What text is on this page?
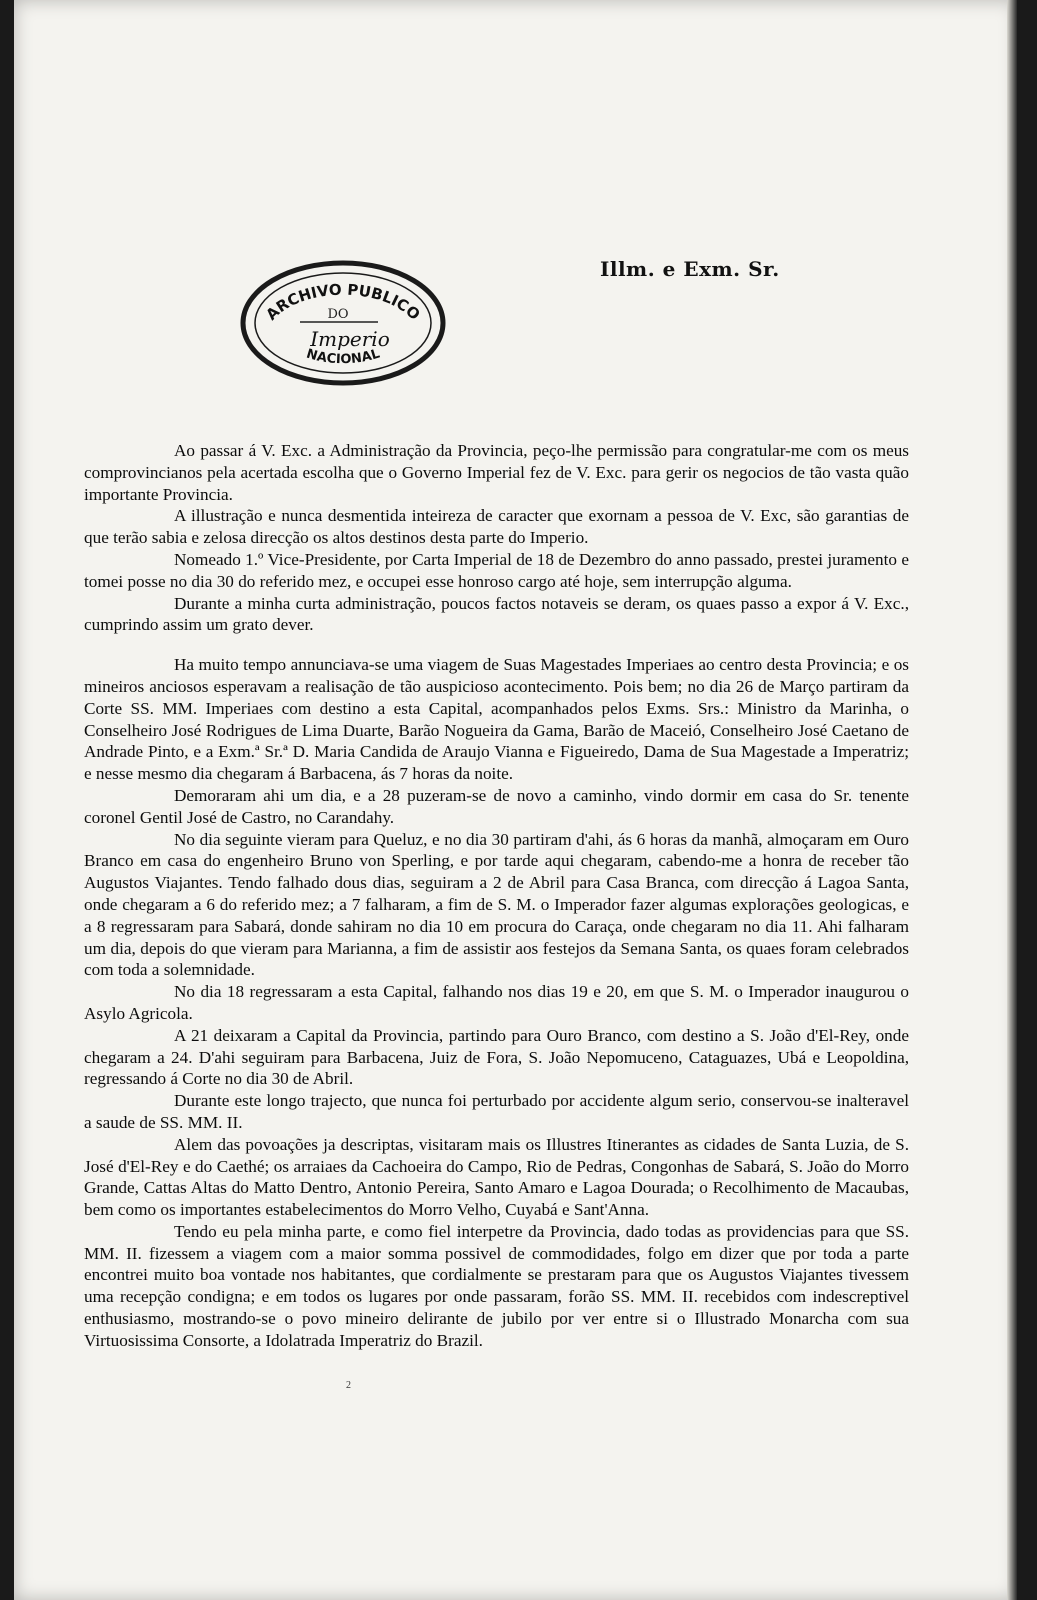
Illm. e Exm. Sr.
ARCHIVO PUBLICO
DO
Imperio
NACIONAL

Ao passar á V. Exc. a Administração da Provincia, peço-lhe permissão para congratular-me com os meus comprovincianos pela acertada escolha que o Governo Imperial fez de V. Exc. para gerir os negocios de tão vasta quão importante Provincia.

A illustração e nunca desmentida inteireza de caracter que exornam a pessoa de V. Exc, são garantias de que terão sabia e zelosa direcção os altos destinos desta parte do Imperio.

Nomeado 1.º Vice-Presidente, por Carta Imperial de 18 de Dezembro do anno passado, prestei juramento e tomei posse no dia 30 do referido mez, e occupei esse honroso cargo até hoje, sem interrupção alguma.

Durante a minha curta administração, poucos factos notaveis se deram, os quaes passo a expor á V. Exc., cumprindo assim um grato dever.

Ha muito tempo annunciava-se uma viagem de Suas Magestades Imperiaes ao centro desta Provincia; e os mineiros anciosos esperavam a realisação de tão auspicioso acontecimento. Pois bem; no dia 26 de Março partiram da Corte SS. MM. Imperiaes com destino a esta Capital, acompanhados pelos Exms. Srs.: Ministro da Marinha, o Conselheiro José Rodrigues de Lima Duarte, Barão Nogueira da Gama, Barão de Maceió, Conselheiro José Caetano de Andrade Pinto, e a Exm.ª Sr.ª D. Maria Candida de Araujo Vianna e Figueiredo, Dama de Sua Magestade a Imperatriz; e nesse mesmo dia chegaram á Barbacena, ás 7 horas da noite.

Demoraram ahi um dia, e a 28 puzeram-se de novo a caminho, vindo dormir em casa do Sr. tenente coronel Gentil José de Castro, no Carandahy.

No dia seguinte vieram para Queluz, e no dia 30 partiram d'ahi, ás 6 horas da manhã, almoçaram em Ouro Branco em casa do engenheiro Bruno von Sperling, e por tarde aqui chegaram, cabendo-me a honra de receber tão Augustos Viajantes. Tendo falhado dous dias, seguiram a 2 de Abril para Casa Branca, com direcção á Lagoa Santa, onde chegaram a 6 do referido mez; a 7 falharam, a fim de S. M. o Imperador fazer algumas explorações geologicas, e a 8 regressaram para Sabará, donde sahiram no dia 10 em procura do Caraça, onde chegaram no dia 11. Ahi falharam um dia, depois do que vieram para Marianna, a fim de assistir aos festejos da Semana Santa, os quaes foram celebrados com toda a solemnidade.

No dia 18 regressaram a esta Capital, falhando nos dias 19 e 20, em que S. M. o Imperador inaugurou o Asylo Agricola.

A 21 deixaram a Capital da Provincia, partindo para Ouro Branco, com destino a S. João d'El-Rey, onde chegaram a 24. D'ahi seguiram para Barbacena, Juiz de Fora, S. João Nepomuceno, Cataguazes, Ubá e Leopoldina, regressando á Corte no dia 30 de Abril.

Durante este longo trajecto, que nunca foi perturbado por accidente algum serio, conservou-se inalteravel a saude de SS. MM. II.

Alem das povoações ja descriptas, visitaram mais os Illustres Itinerantes as cidades de Santa Luzia, de S. José d'El-Rey e do Caethé; os arraiaes da Cachoeira do Campo, Rio de Pedras, Congonhas de Sabará, S. João do Morro Grande, Cattas Altas do Matto Dentro, Antonio Pereira, Santo Amaro e Lagoa Dourada; o Recolhimento de Macaubas, bem como os importantes estabelecimentos do Morro Velho, Cuyabá e Sant'Anna.

Tendo eu pela minha parte, e como fiel interpetre da Provincia, dado todas as providencias para que SS. MM. II. fizessem a viagem com a maior somma possivel de commodidades, folgo em dizer que por toda a parte encontrei muito boa vontade nos habitantes, que cordialmente se prestaram para que os Augustos Viajantes tivessem uma recepção condigna; e em todos os lugares por onde passaram, forão SS. MM. II. recebidos com indescreptivel enthusiasmo, mostrando-se o povo mineiro delirante de jubilo por ver entre si o Illustrado Monarcha com sua Virtuosissima Consorte, a Idolatrada Imperatriz do Brazil.

2
